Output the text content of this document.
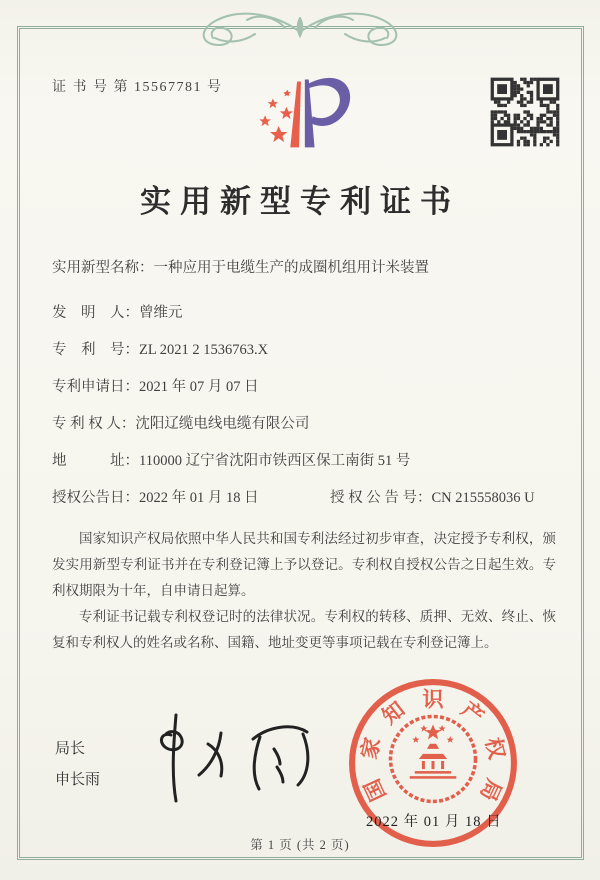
证 书 号 第 15567781 号
实用新型专利证书
实用新型名称：一种应用于电缆生产的成圈机组用计米装置
发　明　人：曾维元
专　利　号：ZL 2021 2 1536763.X
专利申请日：2021 年 07 月 07 日
专 利 权 人：沈阳辽缆电线电缆有限公司
地　　　址：110000 辽宁省沈阳市铁西区保工南街 51 号
授权公告日：2022 年 01 月 18 日	授 权 公 告 号：CN 215558036 U

国家知识产权局依照中华人民共和国专利法经过初步审查，决定授予专利权，颁发实用新型专利证书并在专利登记簿上予以登记。专利权自授权公告之日起生效。专利权期限为十年，自申请日起算。

专利证书记载专利权登记时的法律状况。专利权的转移、质押、无效、终止、恢复和专利权人的姓名或名称、国籍、地址变更等事项记载在专利登记簿上。

局长
申长雨	国
家
知 识 产
权
局
2022 年 01 月 18 日
第 1 页 (共 2 页)
